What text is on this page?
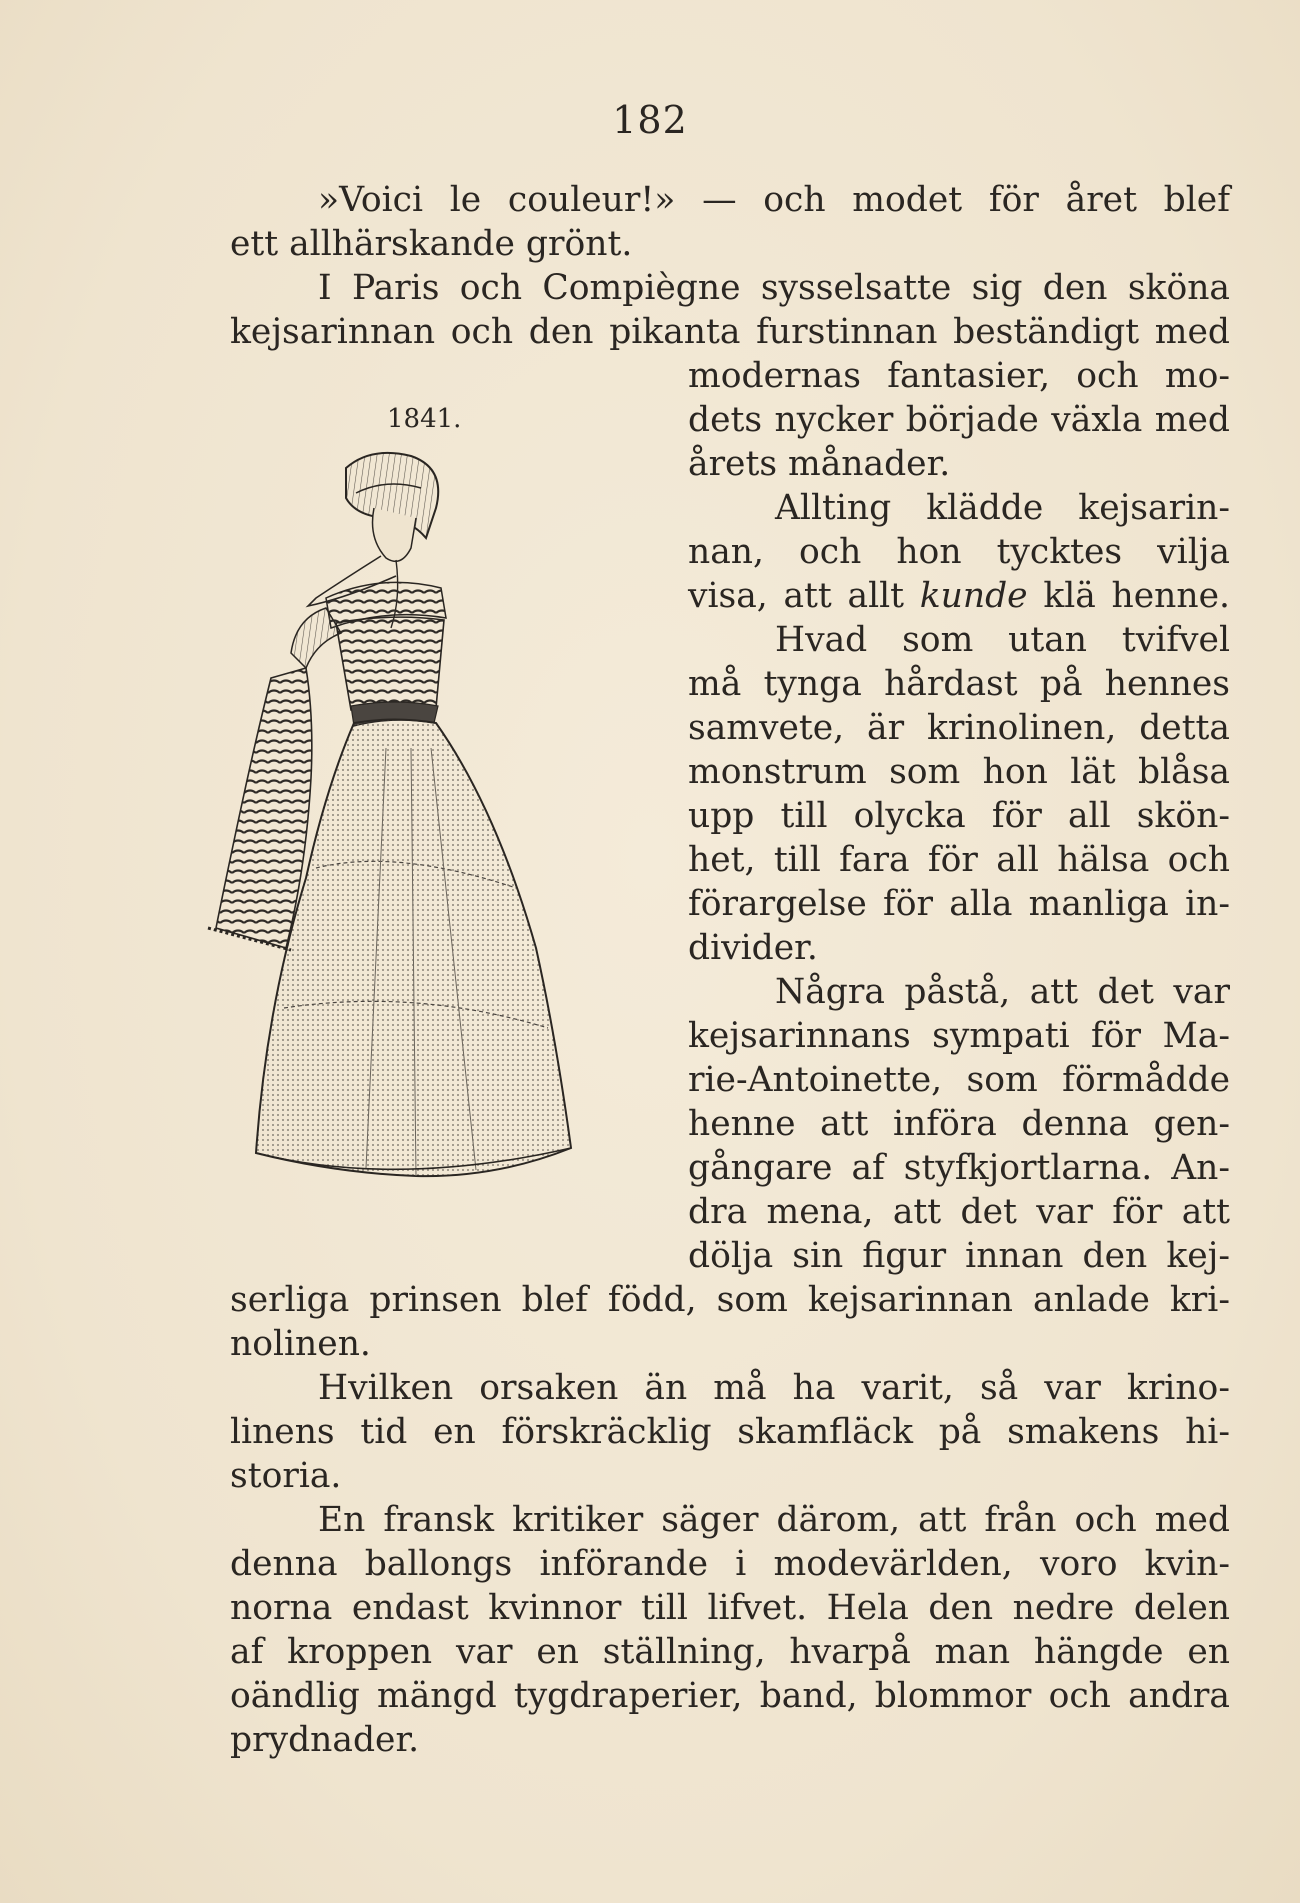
182
»Voici le couleur!» — och modet för året blef
ett allhärskande grönt.
I Paris och Compiègne sysselsatte sig den sköna
kejsarinnan och den pikanta furstinnan beständigt med
modernas fantasier, och mo-
1841.	dets nycker började växla med
årets månader.
Allting klädde kejsarin-
nan, och hon tycktes vilja
visa, att allt kunde klä henne.
Hvad som utan tvifvel
må tynga hårdast på hennes
samvete, är krinolinen, detta
monstrum som hon lät blåsa
upp till olycka för all skön-
het, till fara för all hälsa och
förargelse för alla manliga in-
divider.
Några påstå, att det var
kejsarinnans sympati för Ma-
rie-Antoinette, som förmådde
henne att införa denna gen-
gångare af styfkjortlarna. An-
dra mena, att det var för att
dölja sin figur innan den kej-
serliga prinsen blef född, som kejsarinnan anlade kri-
nolinen.
Hvilken orsaken än må ha varit, så var krino-
linens tid en förskräcklig skamfläck på smakens hi-
storia.
En fransk kritiker säger därom, att från och med
denna ballongs införande i modevärlden, voro kvin-
norna endast kvinnor till lifvet. Hela den nedre delen
af kroppen var en ställning, hvarpå man hängde en
oändlig mängd tygdraperier, band, blommor och andra
prydnader.
